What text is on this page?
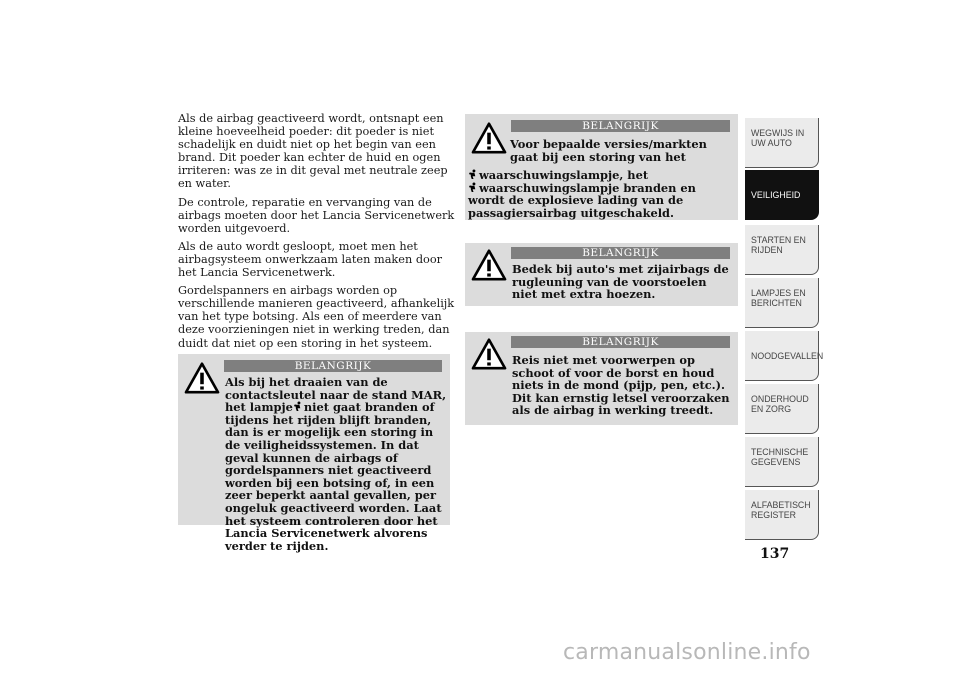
Als de airbag geactiveerd wordt, ontsnapt een kleine hoeveelheid poeder: dit poeder is niet schadelijk en duidt niet op het begin van een brand. Dit poeder kan echter de huid en ogen irriteren: was ze in dit geval met neutrale zeep en water.

De controle, reparatie en vervanging van de airbags moeten door het Lancia Servicenetwerk worden uitgevoerd.

Als de auto wordt gesloopt, moet men het airbagsysteem onwerkzaam laten maken door het Lancia Servicenetwerk.

Gordelspanners en airbags worden op verschillende manieren geactiveerd, afhankelijk van het type botsing. Als een of meerdere van deze voorzieningen niet in werking treden, dan duidt dat niet op een storing in het systeem.

BELANGRIJK
Als bij het draaien van de contactsleutel naar de stand MAR, het lampje niet gaat branden of tijdens het rijden blijft branden, dan is er mogelijk een storing in de veiligheidssystemen. In dat geval kunnen de airbags of gordelspanners niet geactiveerd worden bij een botsing of, in een zeer beperkt aantal gevallen, per ongeluk geactiveerd worden. Laat het systeem controleren door het Lancia Servicenetwerk alvorens verder te rijden.
BELANGRIJK
Voor bepaalde versies/markten gaat bij een storing van het
waarschuwingslampje, het
waarschuwingslampje branden en wordt de explosieve lading van de passagiersairbag uitgeschakeld.
BELANGRIJK
Bedek bij auto's met zijairbags de rugleuning van de voorstoelen niet met extra hoezen.
BELANGRIJK
Reis niet met voorwerpen op schoot of voor de borst en houd niets in de mond (pijp, pen, etc.). Dit kan ernstig letsel veroorzaken als de airbag in werking treedt.
WEGWIJS IN UW AUTO
VEILIGHEID
STARTEN EN RIJDEN
LAMPJES EN BERICHTEN
NOODGEVALLEN
ONDERHOUD EN ZORG
TECHNISCHE GEGEVENS
ALFABETISCH REGISTER
137
carmanualsonline.info
